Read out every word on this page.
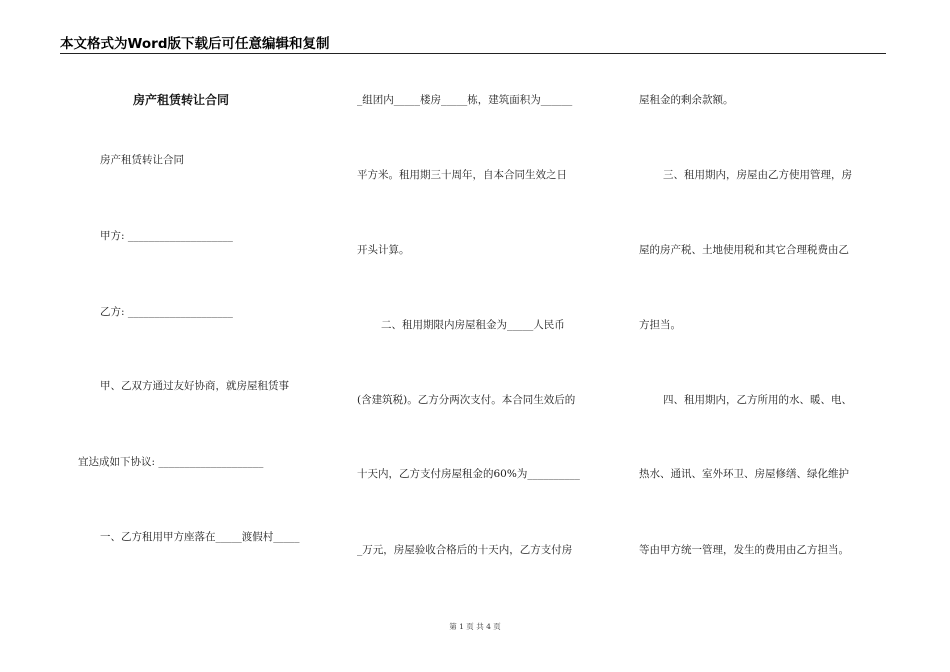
本文格式为Word版下载后可任意编辑和复制
房产租赁转让合同
房产租赁转让合同
甲方: ____________________
乙方: ____________________
甲、乙双方通过友好协商，就房屋租赁事
宜达成如下协议: ____________________
一、乙方租用甲方座落在_____渡假村_____
_组团内_____楼房_____栋，建筑面积为______
平方米。租用期三十周年，自本合同生效之日
开头计算。
二、租用期限内房屋租金为_____人民币
(含建筑税)。乙方分两次支付。本合同生效后的
十天内，乙方支付房屋租金的60%为__________
_万元，房屋验收合格后的十天内，乙方支付房
屋租金的剩余款额。
三、租用期内，房屋由乙方使用管理，房
屋的房产税、土地使用税和其它合理税费由乙
方担当。
四、租用期内，乙方所用的水、暖、电、
热水、通讯、室外环卫、房屋修缮、绿化维护
等由甲方统一管理，发生的费用由乙方担当。
第 1 页 共 4 页
